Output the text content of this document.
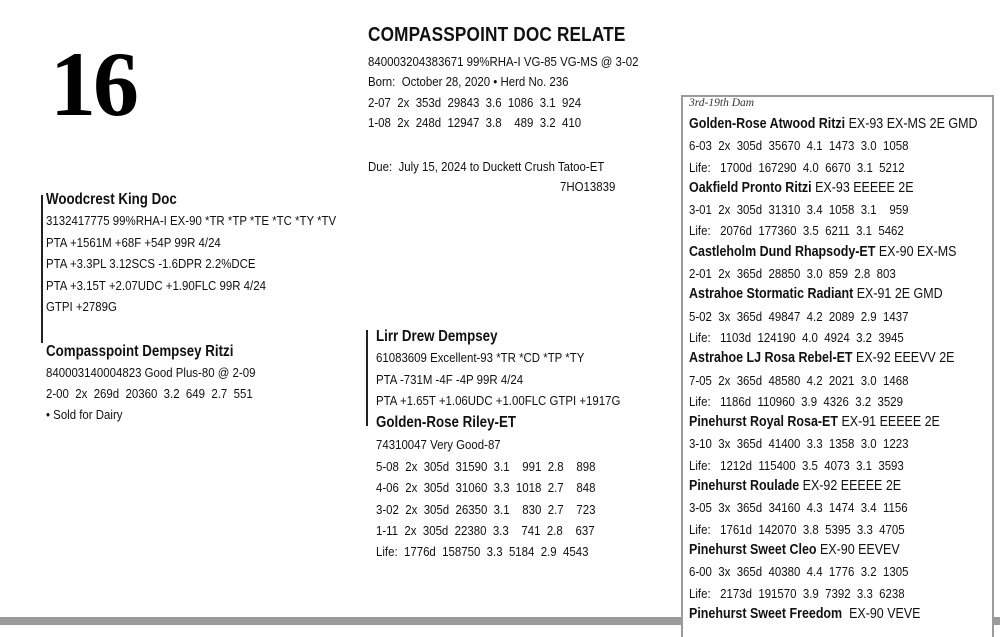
16	COMPASSPOINT DOC RELATE
840003204383671 99%RHA-I VG-85 VG-MS @ 3-02
Born:  October 28, 2020 • Herd No. 236
2-07  2x  353d  29843  3.6  1086  3.1  924
1-08  2x  248d  12947  3.8    489  3.2  410
Due:  July 15, 2024 to Duckett Crush Tatoo-ET
7HO13839
Woodcrest King Doc
3132417775 99%RHA-I EX-90 *TR *TP *TE *TC *TY *TV
PTA +1561M +68F +54P 99R 4/24
PTA +3.3PL 3.12SCS -1.6DPR 2.2%DCE
PTA +3.15T +2.07UDC +1.90FLC 99R 4/24
GTPI +2789G
Compasspoint Dempsey Ritzi
840003140004823 Good Plus-80 @ 2-09
2-00  2x  269d  20360  3.2  649  2.7  551
• Sold for Dairy
Lirr Drew Dempsey
61083609 Excellent-93 *TR *CD *TP *TY
PTA -731M -4F -4P 99R 4/24
PTA +1.65T +1.06UDC +1.00FLC GTPI +1917G
Golden-Rose Riley-ET
74310047 Very Good-87
5-08  2x  305d  31590  3.1    991  2.8    898
4-06  2x  305d  31060  3.3  1018  2.7    848
3-02  2x  305d  26350  3.1    830  2.7    723
1-11  2x  305d  22380  3.3    741  2.8    637
Life:  1776d  158750  3.3  5184  2.9  4543
3rd-19th Dam
Golden-Rose Atwood Ritzi EX-93 EX-MS 2E GMD
6-03  2x  305d  35670  4.1  1473  3.0  1058
Life:   1700d  167290  4.0  6670  3.1  5212
Oakfield Pronto Ritzi EX-93 EEEEE 2E
3-01  2x  305d  31310  3.4  1058  3.1    959
Life:   2076d  177360  3.5  6211  3.1  5462
Castleholm Dund Rhapsody-ET EX-90 EX-MS
2-01  2x  365d  28850  3.0  859  2.8  803
Astrahoe Stormatic Radiant EX-91 2E GMD
5-02  3x  365d  49847  4.2  2089  2.9  1437
Life:   1103d  124190  4.0  4924  3.2  3945
Astrahoe LJ Rosa Rebel-ET EX-92 EEEVV 2E
7-05  2x  365d  48580  4.2  2021  3.0  1468
Life:   1186d  110960  3.9  4326  3.2  3529
Pinehurst Royal Rosa-ET EX-91 EEEEE 2E
3-10  3x  365d  41400  3.3  1358  3.0  1223
Life:   1212d  115400  3.5  4073  3.1  3593
Pinehurst Roulade EX-92 EEEEE 2E
3-05  3x  365d  34160  4.3  1474  3.4  1156
Life:   1761d  142070  3.8  5395  3.3  4705
Pinehurst Sweet Cleo EX-90 EEVEV
6-00  3x  365d  40380  4.4  1776  3.2  1305
Life:   2173d  191570  3.9  7392  3.3  6238
Pinehurst Sweet Freedom  EX-90 VEVE
